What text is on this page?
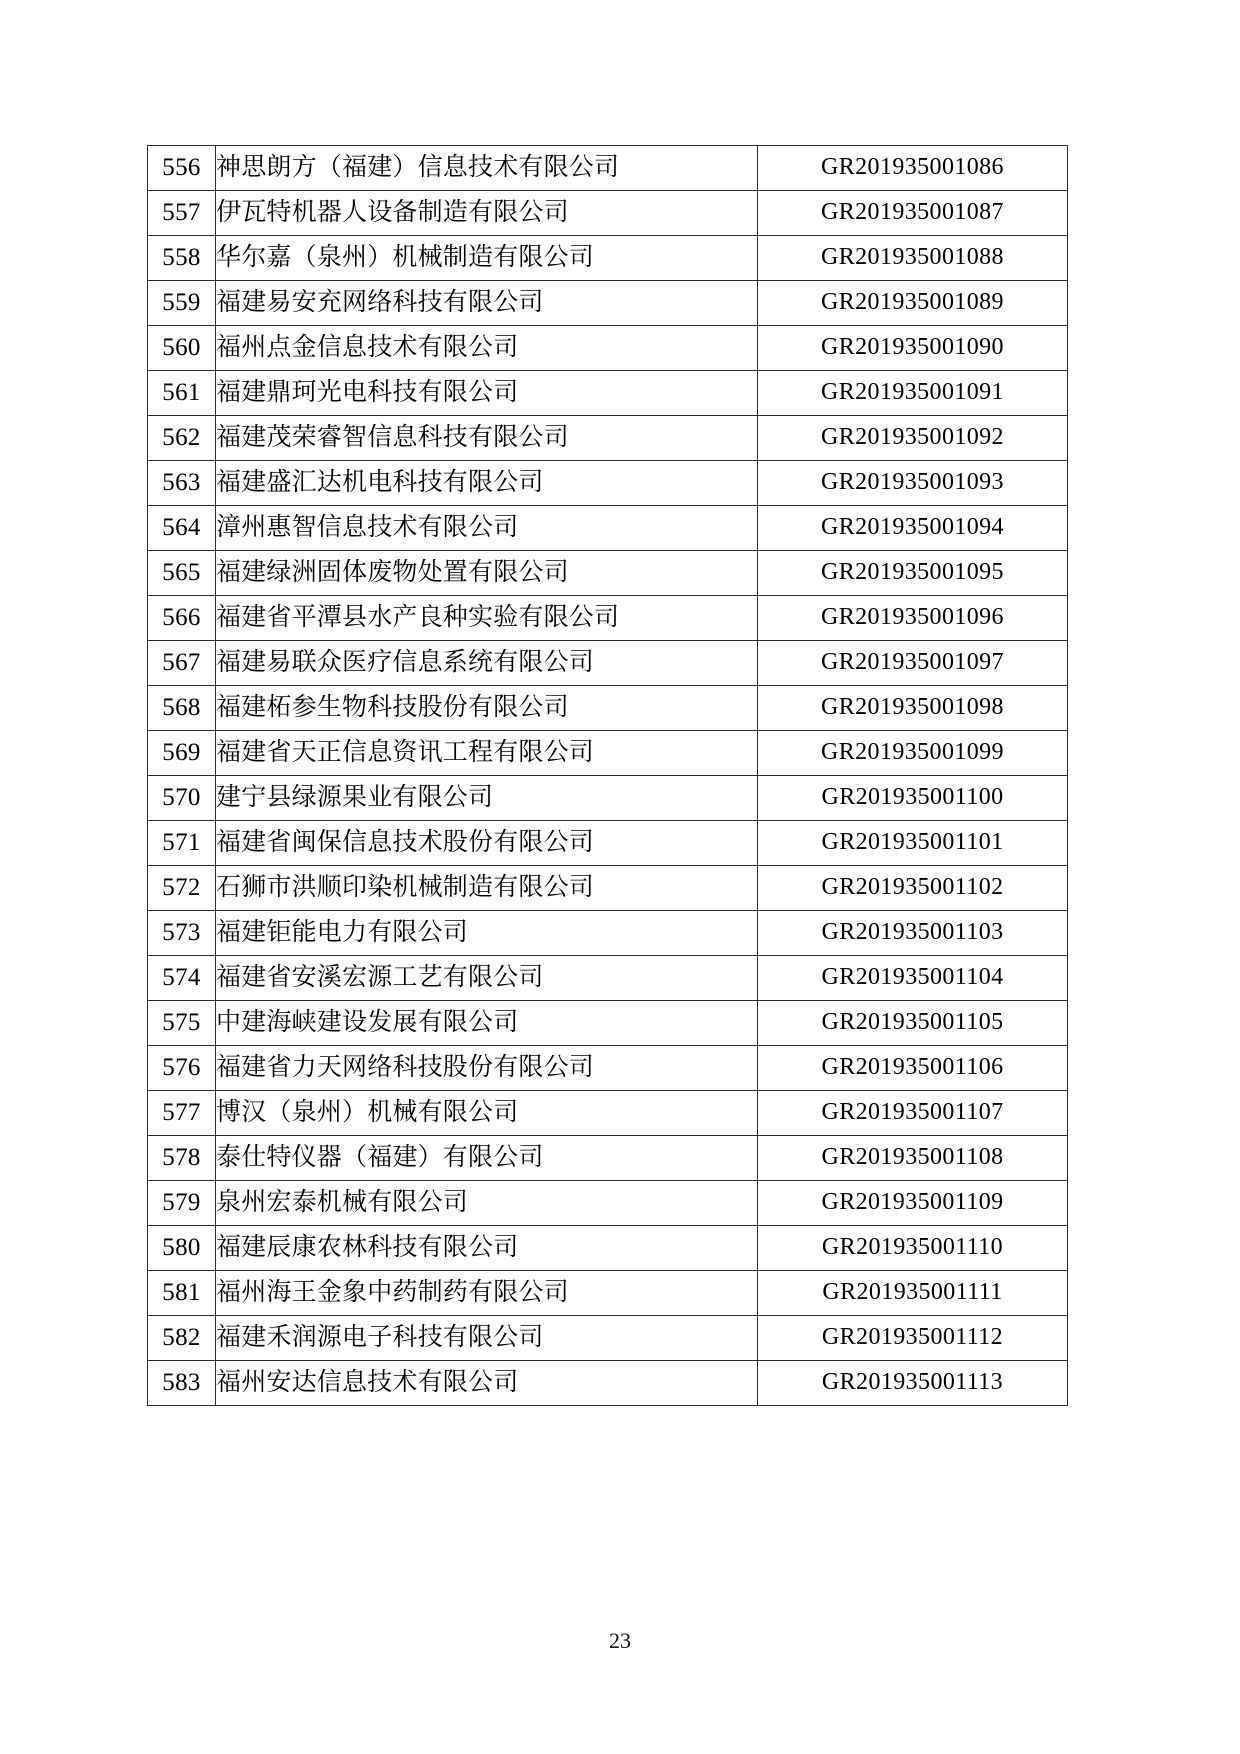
556	神思朗方（福建）信息技术有限公司	GR201935001086
557	伊瓦特机器人设备制造有限公司	GR201935001087
558	华尔嘉（泉州）机械制造有限公司	GR201935001088
559	福建易安充网络科技有限公司	GR201935001089
560	福州点金信息技术有限公司	GR201935001090
561	福建鼎珂光电科技有限公司	GR201935001091
562	福建茂荣睿智信息科技有限公司	GR201935001092
563	福建盛汇达机电科技有限公司	GR201935001093
564	漳州惠智信息技术有限公司	GR201935001094
565	福建绿洲固体废物处置有限公司	GR201935001095
566	福建省平潭县水产良种实验有限公司	GR201935001096
567	福建易联众医疗信息系统有限公司	GR201935001097
568	福建柘参生物科技股份有限公司	GR201935001098
569	福建省天正信息资讯工程有限公司	GR201935001099
570	建宁县绿源果业有限公司	GR201935001100
571	福建省闽保信息技术股份有限公司	GR201935001101
572	石狮市洪顺印染机械制造有限公司	GR201935001102
573	福建钜能电力有限公司	GR201935001103
574	福建省安溪宏源工艺有限公司	GR201935001104
575	中建海峡建设发展有限公司	GR201935001105
576	福建省力天网络科技股份有限公司	GR201935001106
577	博汉（泉州）机械有限公司	GR201935001107
578	泰仕特仪器（福建）有限公司	GR201935001108
579	泉州宏泰机械有限公司	GR201935001109
580	福建辰康农林科技有限公司	GR201935001110
581	福州海王金象中药制药有限公司	GR201935001111
582	福建禾润源电子科技有限公司	GR201935001112
583	福州安达信息技术有限公司	GR201935001113
23
